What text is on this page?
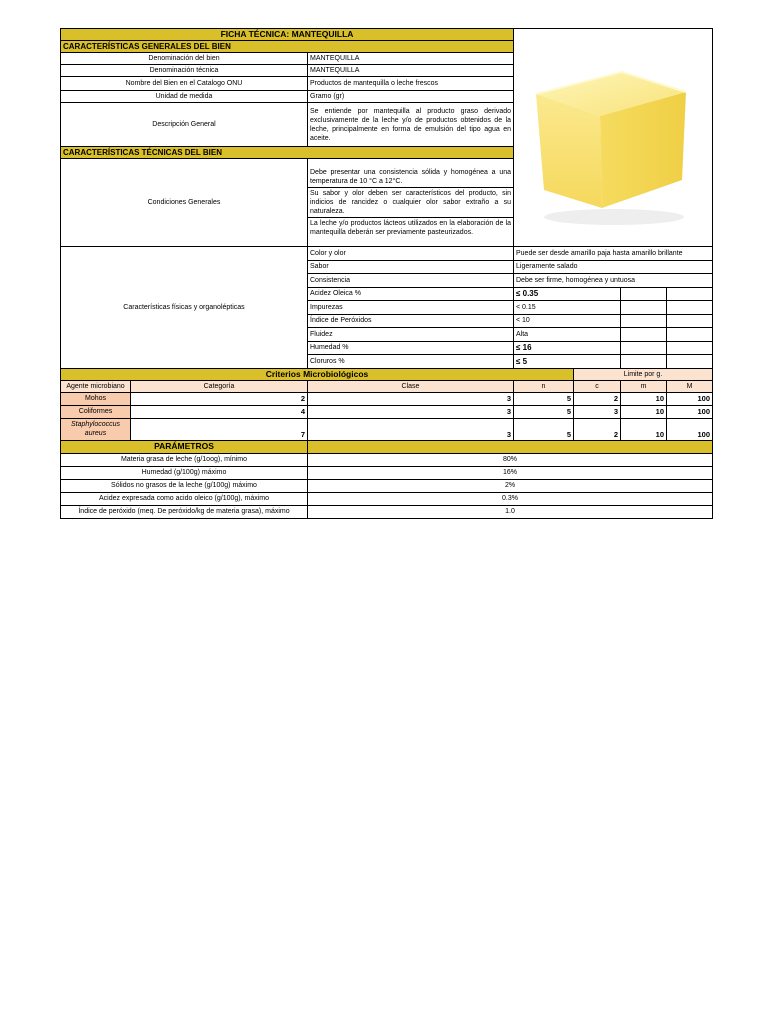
FICHA TÉCNICA: MANTEQUILLA	

CARACTERÍSTICAS GENERALES DEL BIEN		
Denominación del bien	MANTEQUILLA	
Denominación técnica	MANTEQUILLA	
Nombre del Bien en el Catalogo ONU	Productos de mantequilla o leche frescos	
Unidad de medida	Gramo (gr)	
Descripción General	Se entiende por mantequilla al producto graso derivado exclusivamente de la leche y/o de productos obtenidos de la leche, principalmente en forma de emulsión del tipo agua en aceite.	
CARACTERÍSTICAS TÉCNICAS DEL BIEN		
Condiciones Generales	Debe presentar una consistencia sólida y homogénea a una temperatura de 10 °C a 12°C.
Su sabor y olor deben ser característicos del producto, sin indicios de rancidez o cualquier olor sabor extraño a su naturaleza.
La leche y/o productos lácteos utilizados en la elaboración de la mantequilla deberán ser previamente pasteurizados.	
Características físicas y organolépticas	Color y olor	Puede ser desde amarillo paja hasta amarillo brillante		
	Sabor	Ligeramente salado		
	Consistencia	Debe ser firme, homogénea y untuosa		
	Acidez Oleica %	≤ 0.35		
	Impurezas	< 0.15		
	Índice de Peróxidos	< 10		
	Fluidez	Alta		
	Humedad %	≤ 16		
	Cloruros %	≤ 5		
Criterios Microbiológicos				Limite por g.		
Agente microbiano	Categoría	Clase	n	c	m	M
Mohos	2	3	5	2	10	100
Coliformes	4	3	5	3	10	100
Staphylococcus aureus	7	3	5	2	10	100
PARÁMETROS	
Materia grasa de leche (g/1oog), mínimo	80%
Humedad (g/100g) máximo	16%
Sólidos no grasos de la leche (g/100g) máximo	2%
Acidez expresada como acido oleico (g/100g), máximo	0.3%
Índice de peróxido (meq. De peróxido/kg de materia grasa), máximo	1.0
